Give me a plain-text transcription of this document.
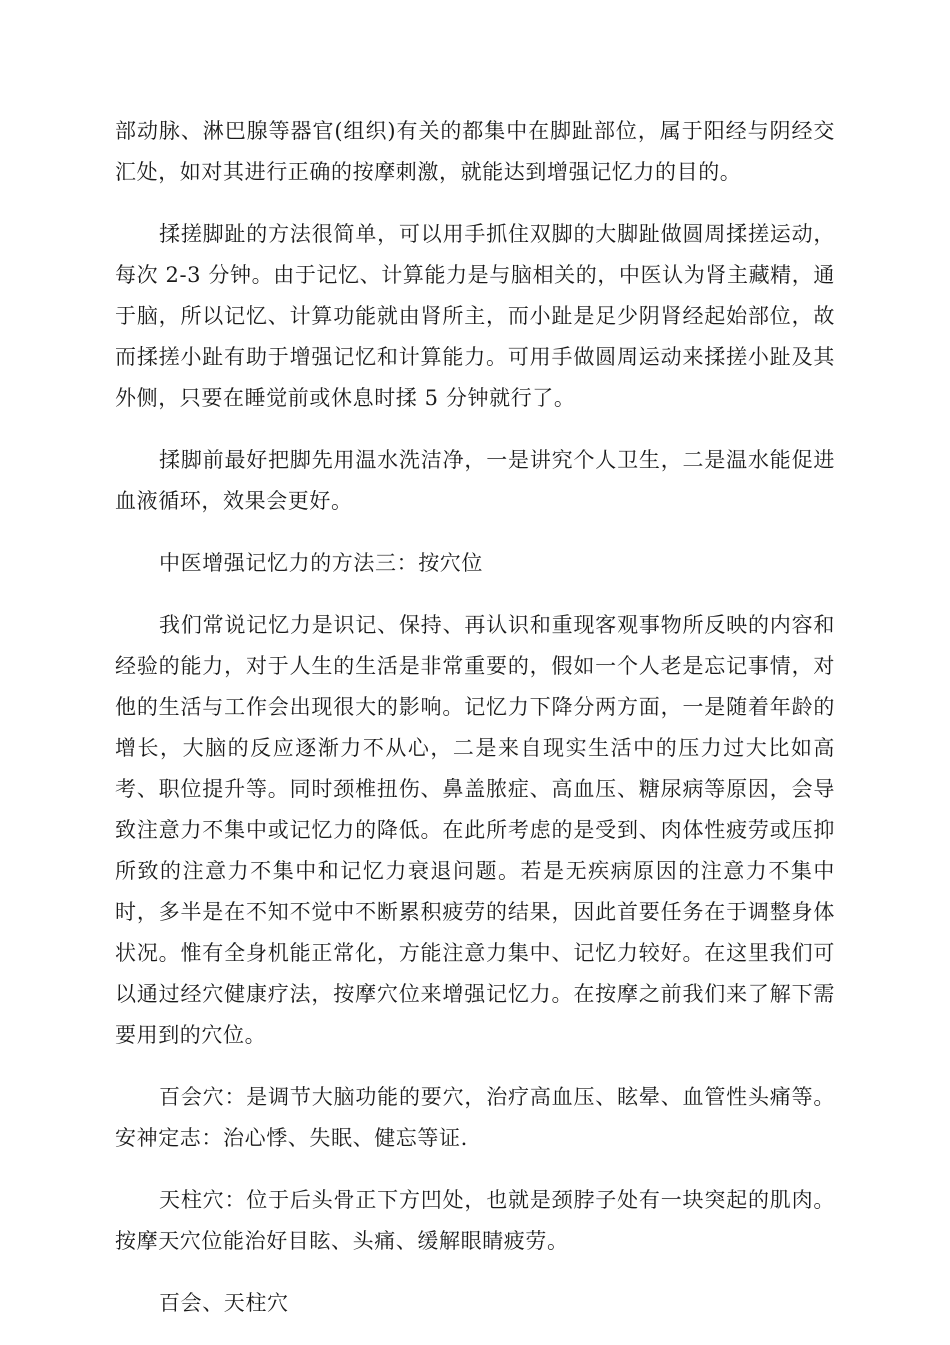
部动脉、淋巴腺等器官(组织)有关的都集中在脚趾部位，属于阳经与阴经交汇处，如对其进行正确的按摩刺激，就能达到增强记忆力的目的。

揉搓脚趾的方法很简单，可以用手抓住双脚的大脚趾做圆周揉搓运动，每次 2-3 分钟。由于记忆、计算能力是与脑相关的，中医认为肾主藏精，通于脑，所以记忆、计算功能就由肾所主，而小趾是足少阴肾经起始部位，故而揉搓小趾有助于增强记忆和计算能力。可用手做圆周运动来揉搓小趾及其外侧，只要在睡觉前或休息时揉 5 分钟就行了。

揉脚前最好把脚先用温水洗洁净，一是讲究个人卫生，二是温水能促进血液循环，效果会更好。

中医增强记忆力的方法三：按穴位

我们常说记忆力是识记、保持、再认识和重现客观事物所反映的内容和经验的能力，对于人生的生活是非常重要的，假如一个人老是忘记事情，对他的生活与工作会出现很大的影响。记忆力下降分两方面，一是随着年龄的增长，大脑的反应逐渐力不从心，二是来自现实生活中的压力过大比如高考、职位提升等。同时颈椎扭伤、鼻盖脓症、高血压、糖尿病等原因，会导致注意力不集中或记忆力的降低。在此所考虑的是受到、肉体性疲劳或压抑所致的注意力不集中和记忆力衰退问题。若是无疾病原因的注意力不集中时，多半是在不知不觉中不断累积疲劳的结果，因此首要任务在于调整身体状况。惟有全身机能正常化，方能注意力集中、记忆力较好。在这里我们可以通过经穴健康疗法，按摩穴位来增强记忆力。在按摩之前我们来了解下需要用到的穴位。

百会穴：是调节大脑功能的要穴，治疗高血压、眩晕、血管性头痛等。安神定志：治心悸、失眠、健忘等证.

天柱穴：位于后头骨正下方凹处，也就是颈脖子处有一块突起的肌肉。按摩天穴位能治好目眩、头痛、缓解眼睛疲劳。

百会、天柱穴
